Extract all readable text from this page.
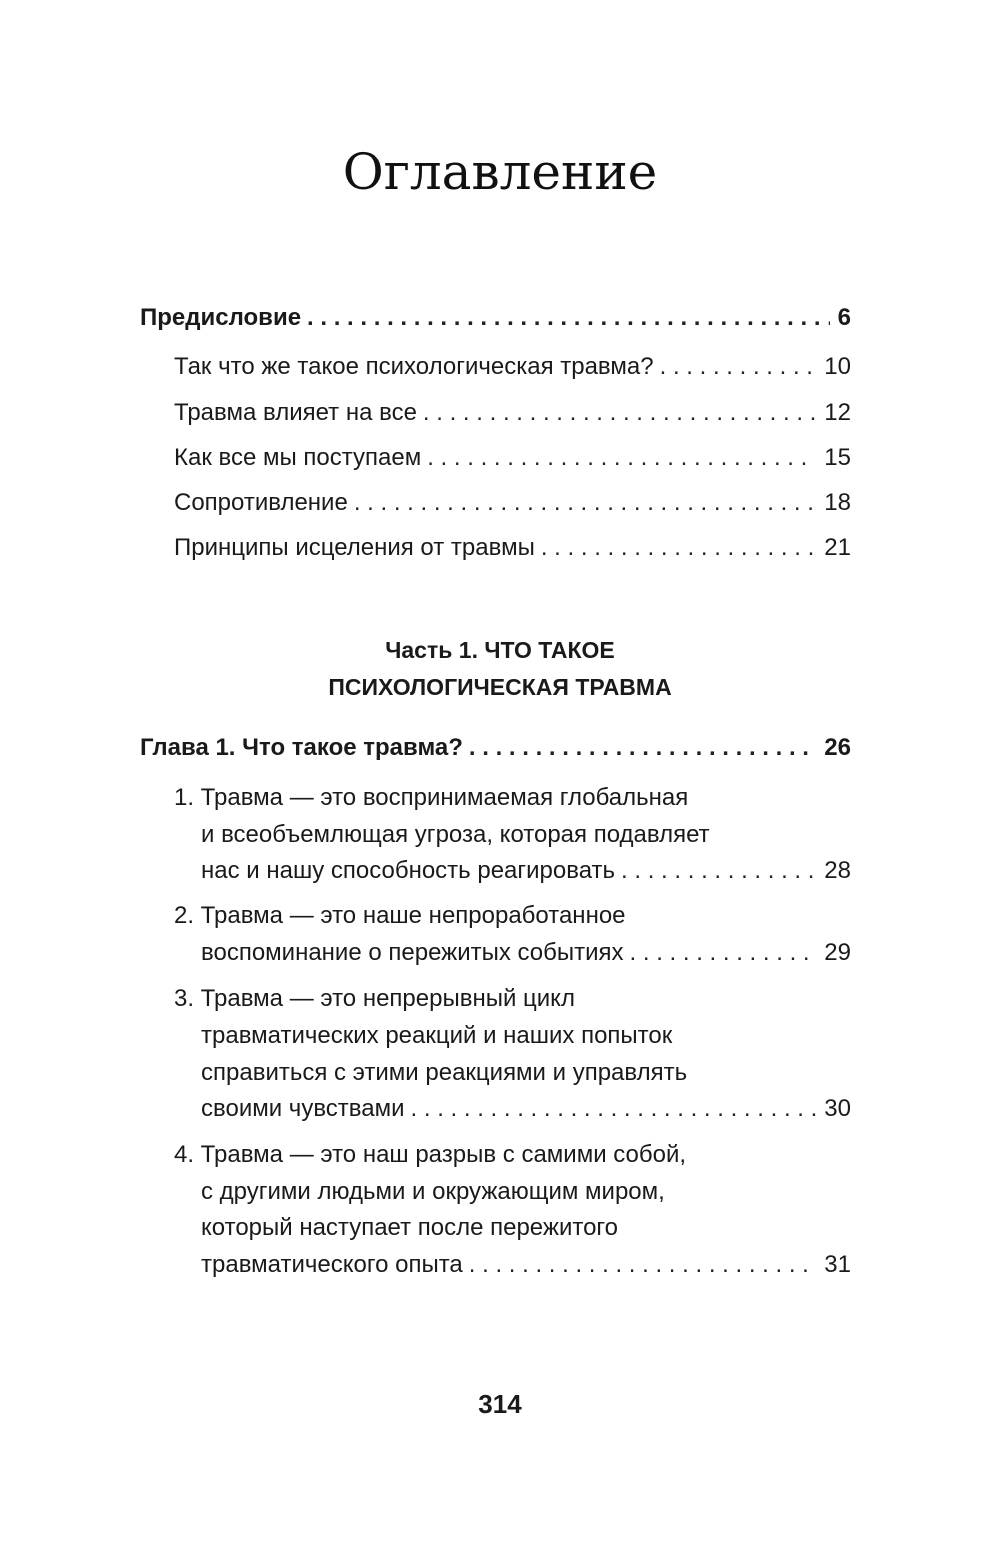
Оглавление
Предисловие . . .	6
Так что же такое психологическая травма? . . .	10
Травма влияет на все . . .	12
Как все мы поступаем . . .	15
Сопротивление . . .	18
Принципы исцеления от травмы . . .	21
Часть 1. ЧТО ТАКОЕ
ПСИХОЛОГИЧЕСКАЯ ТРАВМА
Глава 1. Что такое травма? . . .	26
1. Травма — это воспринимаемая глобальная
и всеобъемлющая угроза, которая подавляет
нас и нашу способность реагировать . . .	28
2. Травма — это наше непроработанное
воспоминание о пережитых событиях . . .	29
3. Травма — это непрерывный цикл
травматических реакций и наших попыток
справиться с этими реакциями и управлять
своими чувствами . . .	30
4. Травма — это наш разрыв с самими собой,
с другими людьми и окружающим миром,
который наступает после пережитого
травматического опыта . . .	31
314
